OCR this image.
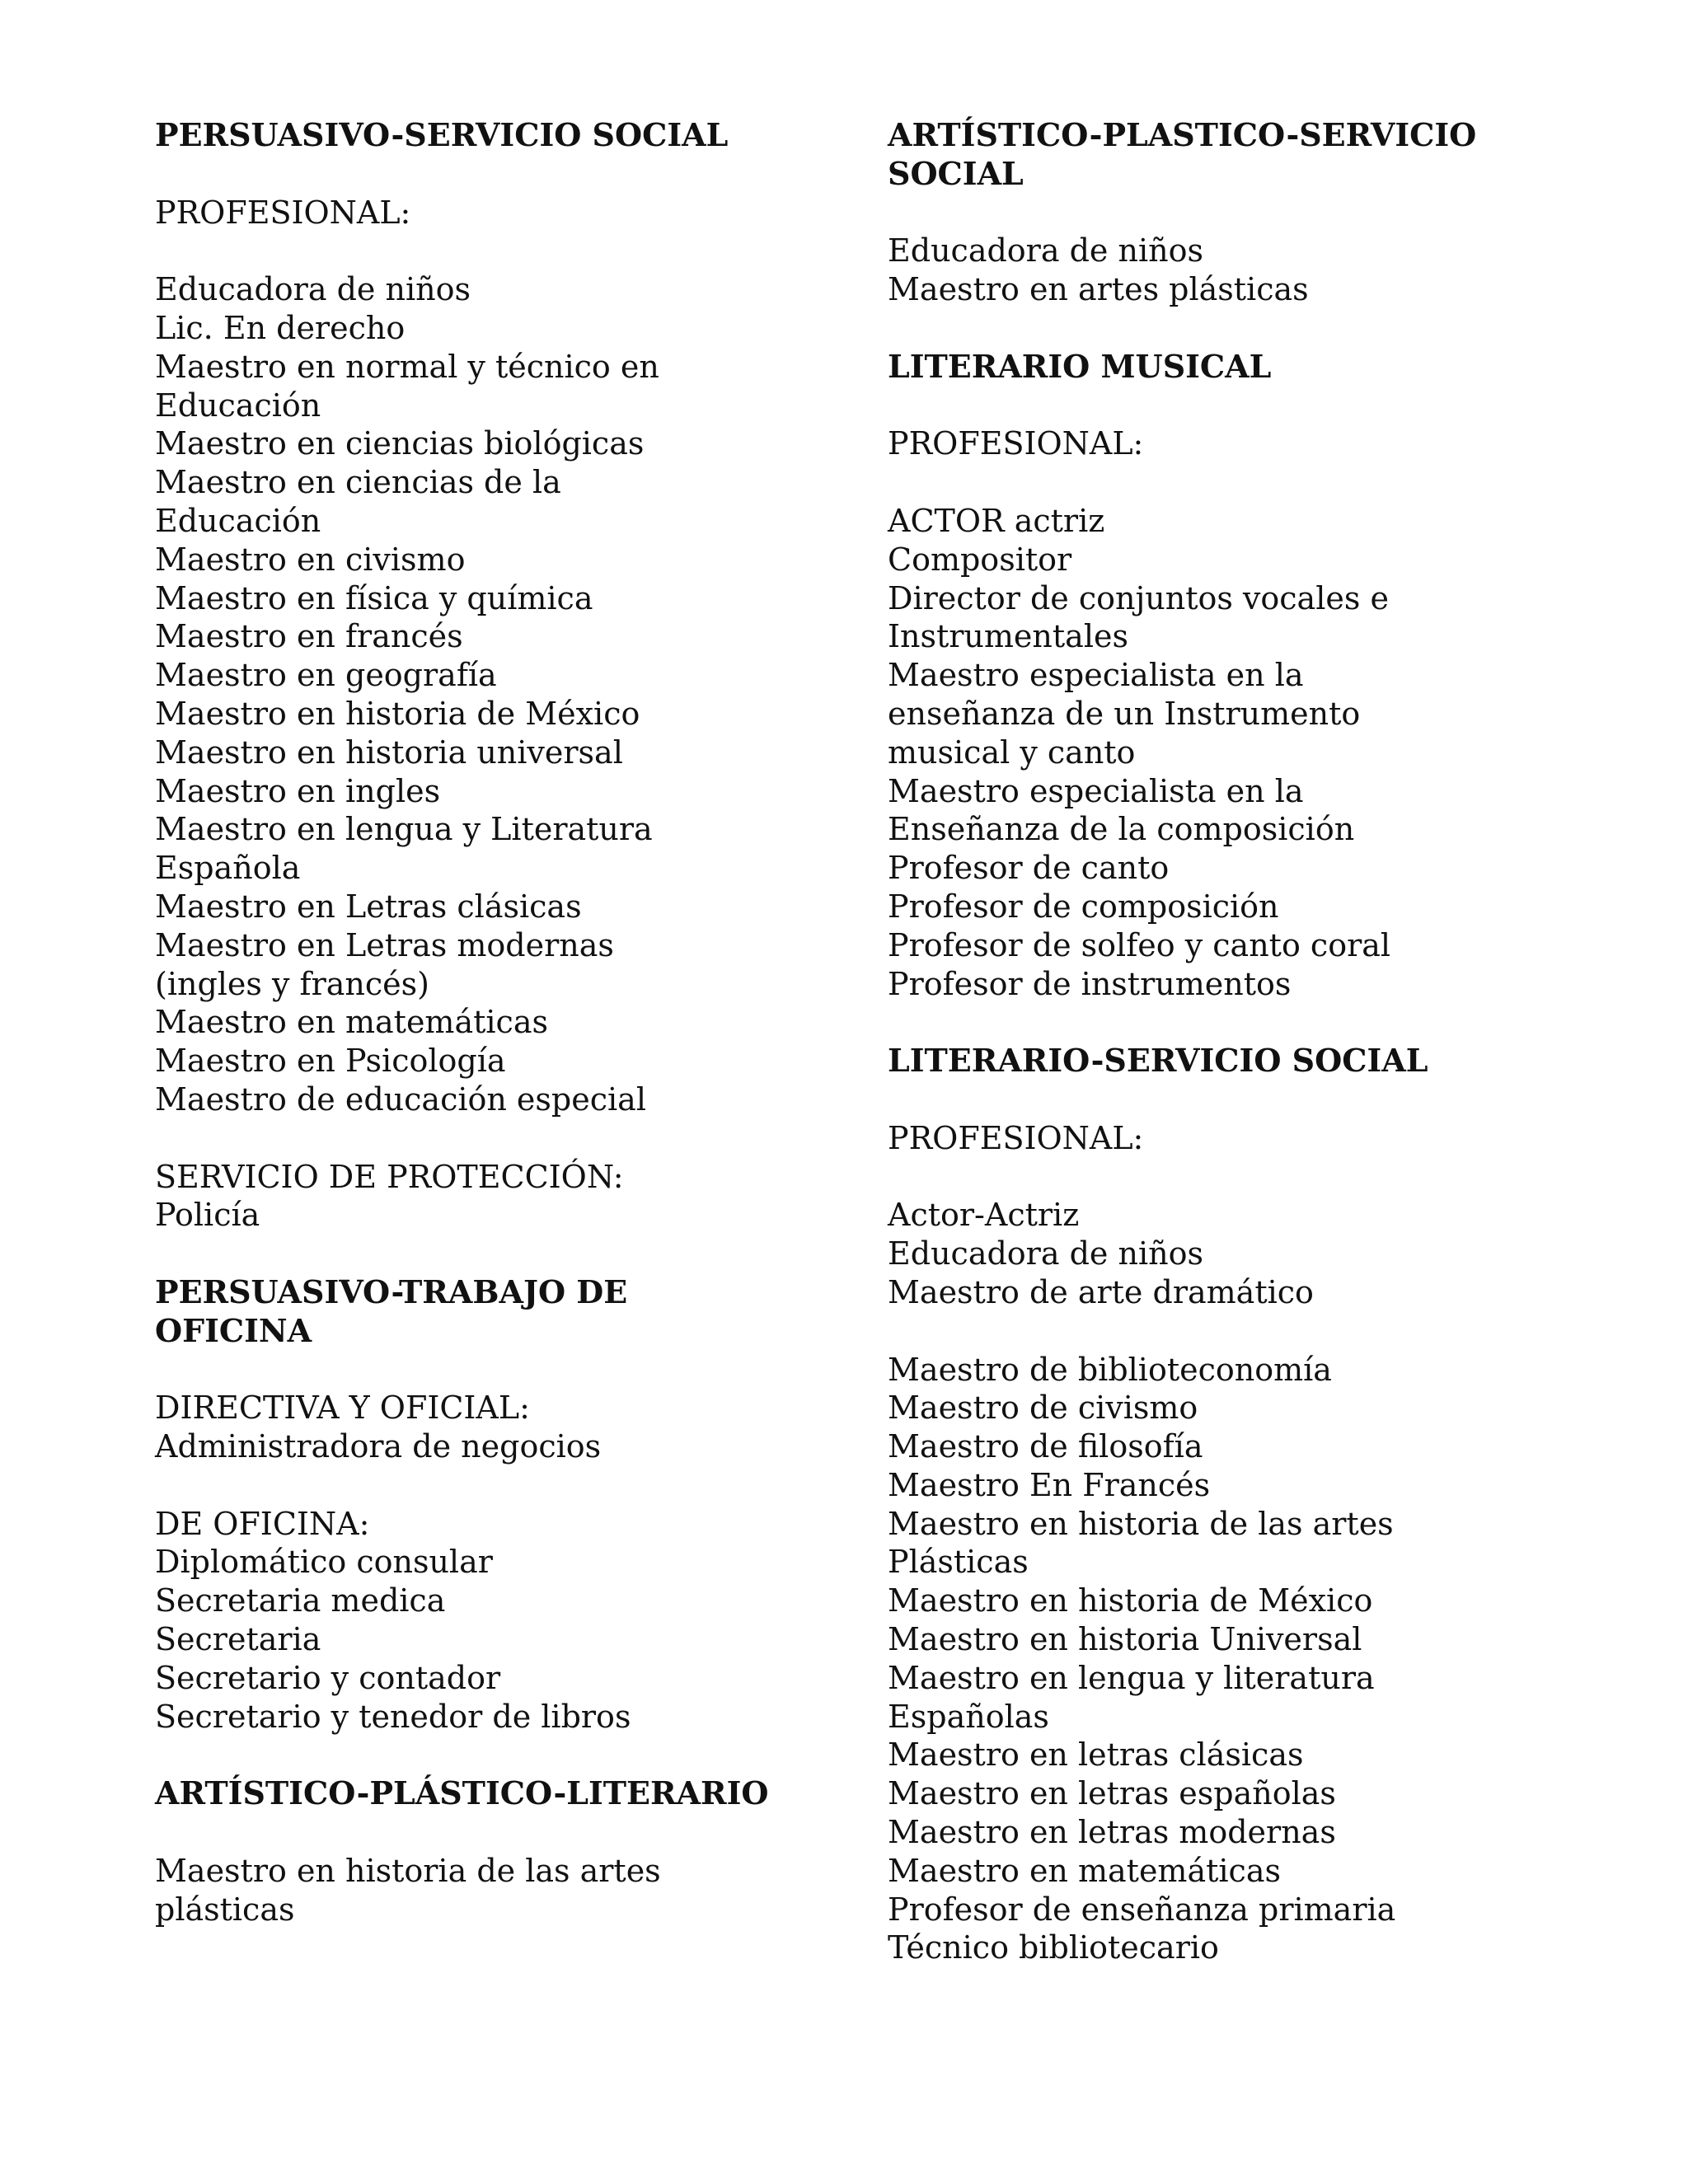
PERSUASIVO-SERVICIO SOCIAL
PROFESIONAL:
Educadora de niños
Lic. En derecho
Maestro en normal y técnico en
Educación
Maestro en ciencias biológicas
Maestro en ciencias de la
Educación
Maestro en civismo
Maestro en física y química
Maestro en francés
Maestro en geografía
Maestro en historia de México
Maestro en historia universal
Maestro en ingles
Maestro en lengua y Literatura
Española
Maestro en Letras clásicas
Maestro en Letras modernas
(ingles y francés)
Maestro en matemáticas
Maestro en Psicología
Maestro de educación especial
SERVICIO DE PROTECCIÓN:
Policía
PERSUASIVO-TRABAJO DE
OFICINA
DIRECTIVA Y OFICIAL:
Administradora de negocios
DE OFICINA:
Diplomático consular
Secretaria medica
Secretaria
Secretario y contador
Secretario y tenedor de libros
ARTÍSTICO-PLÁSTICO-LITERARIO
Maestro en historia de las artes
plásticas
ARTÍSTICO-PLASTICO-SERVICIO
SOCIAL
Educadora de niños
Maestro en artes plásticas
LITERARIO MUSICAL
PROFESIONAL:
ACTOR actriz
Compositor
Director de conjuntos vocales e
Instrumentales
Maestro especialista en la
enseñanza de un Instrumento
musical y canto
Maestro especialista en la
Enseñanza de la composición
Profesor de canto
Profesor de composición
Profesor de solfeo y canto coral
Profesor de instrumentos
LITERARIO-SERVICIO SOCIAL
PROFESIONAL:
Actor-Actriz
Educadora de niños
Maestro de arte dramático
Maestro de biblioteconomía
Maestro de civismo
Maestro de filosofía
Maestro En Francés
Maestro en historia de las artes
Plásticas
Maestro en historia de México
Maestro en historia Universal
Maestro en lengua y literatura
Españolas
Maestro en letras clásicas
Maestro en letras españolas
Maestro en letras modernas
Maestro en matemáticas
Profesor de enseñanza primaria
Técnico bibliotecario
